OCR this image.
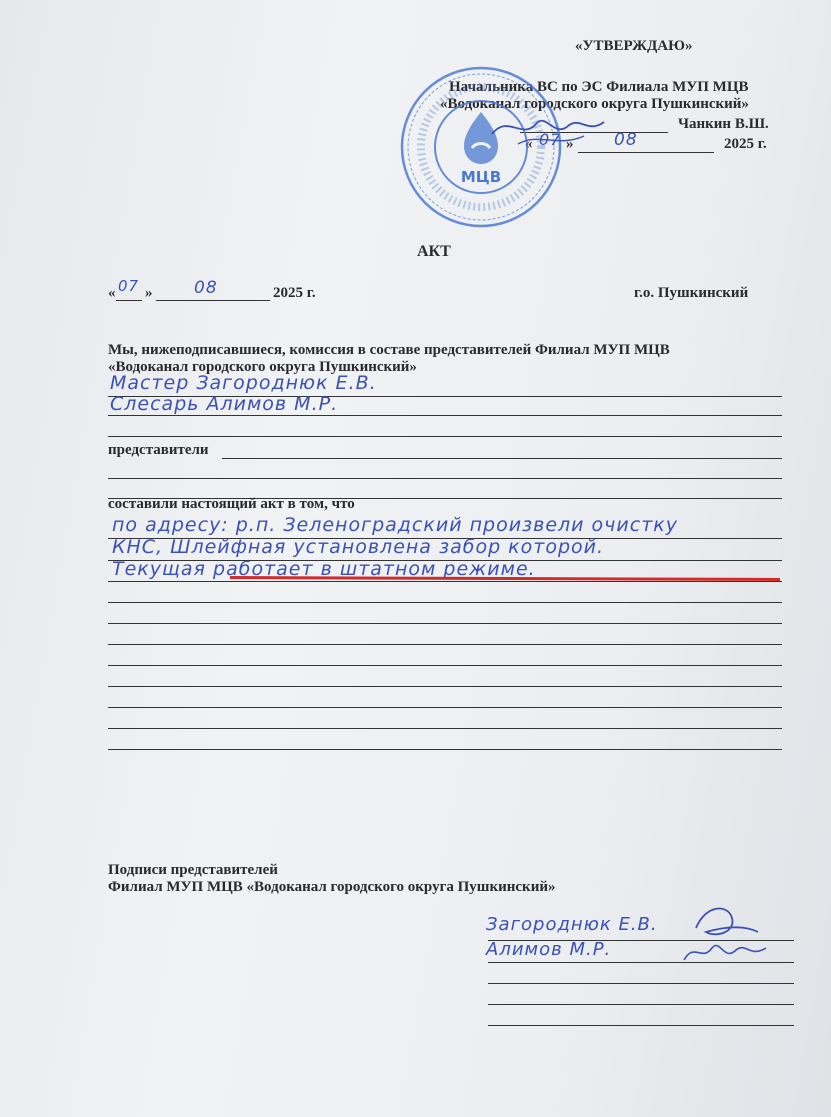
«УТВЕРЖДАЮ»
Начальника ВС по ЭС Филиала МУП МЦВ
«Водоканал городского округа Пушкинский»
Чанкин В.Ш.
« 07 » 08	2025 г.
МЦВ
АКТ
« 07 » 08	2025 г.	г.о. Пушкинский
Мы, нижеподписавшиеся, комиссия в составе представителей Филиал МУП МЦВ
«Водоканал городского округа Пушкинский»
Мастер Загороднюк Е.В.
Слесарь Алимов М.Р.
представители
составили настоящий акт в том, что
по адресу: р.п. Зеленоградский произвели очистку
КНС, Шлейфная установлена забор которой.
Текущая работает в штатном режиме.
Подписи представителей
Филиал МУП МЦВ «Водоканал городского округа Пушкинский»
Загороднюк Е.В.
Алимов М.Р.
